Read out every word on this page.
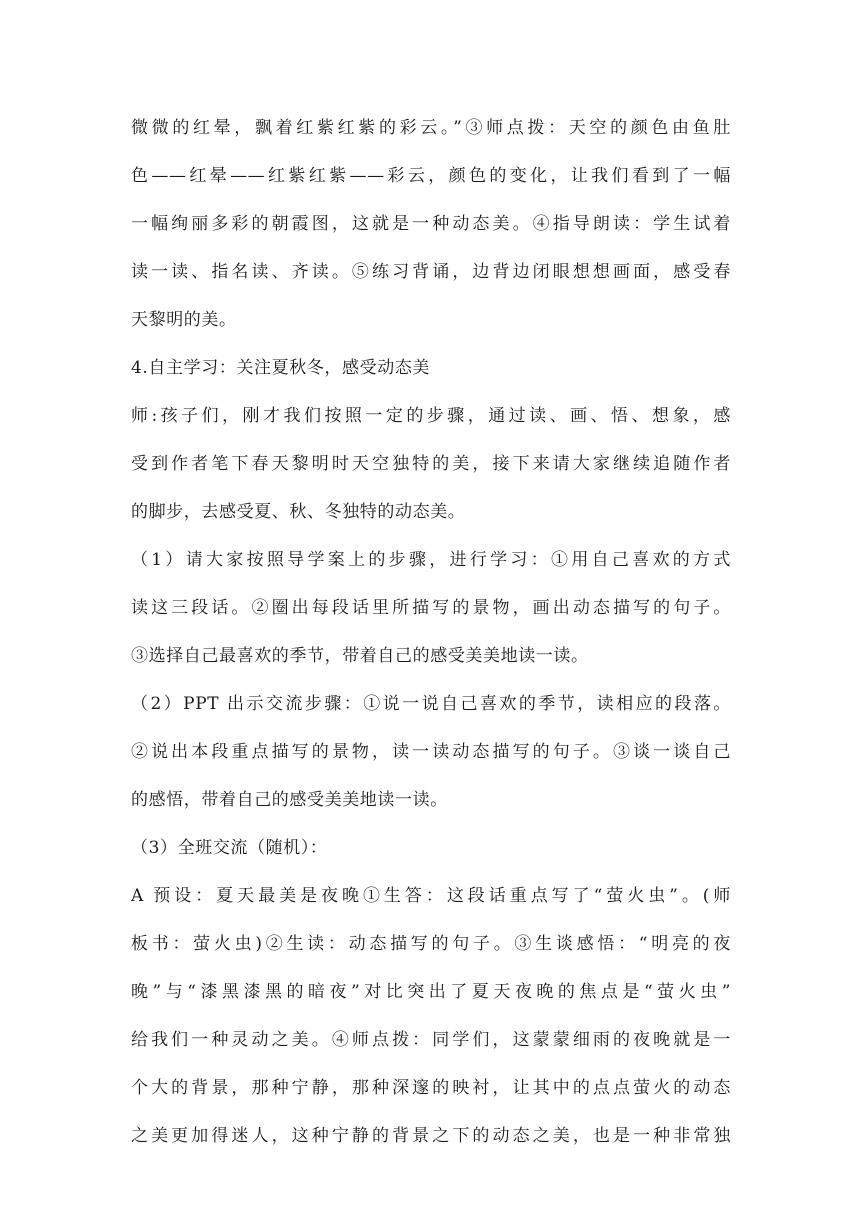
微微的红晕，飘着红紫红紫的彩云。”③师点拨：天空的颜色由鱼肚
色——红晕——红紫红紫——彩云，颜色的变化，让我们看到了一幅
一幅绚丽多彩的朝霞图，这就是一种动态美。④指导朗读：学生试着
读一读、指名读、齐读。⑤练习背诵，边背边闭眼想想画面，感受春
天黎明的美。
4.自主学习：关注夏秋冬，感受动态美
师:孩子们，刚才我们按照一定的步骤，通过读、画、悟、想象，感
受到作者笔下春天黎明时天空独特的美，接下来请大家继续追随作者
的脚步，去感受夏、秋、冬独特的动态美。
（1）请大家按照导学案上的步骤，进行学习：①用自己喜欢的方式
读这三段话。②圈出每段话里所描写的景物，画出动态描写的句子。
③选择自己最喜欢的季节，带着自己的感受美美地读一读。
（2）PPT 出示交流步骤：①说一说自己喜欢的季节，读相应的段落。
②说出本段重点描写的景物，读一读动态描写的句子。③谈一谈自己
的感悟，带着自己的感受美美地读一读。
（3）全班交流（随机）：
A 预设：夏天最美是夜晚①生答：这段话重点写了“萤火虫”。(师
板书：萤火虫)②生读：动态描写的句子。③生谈感悟：“明亮的夜
晚”与“漆黑漆黑的暗夜”对比突出了夏天夜晚的焦点是“萤火虫”
给我们一种灵动之美。④师点拨：同学们，这蒙蒙细雨的夜晚就是一
个大的背景，那种宁静，那种深邃的映衬，让其中的点点萤火的动态
之美更加得迷人，这种宁静的背景之下的动态之美，也是一种非常独
